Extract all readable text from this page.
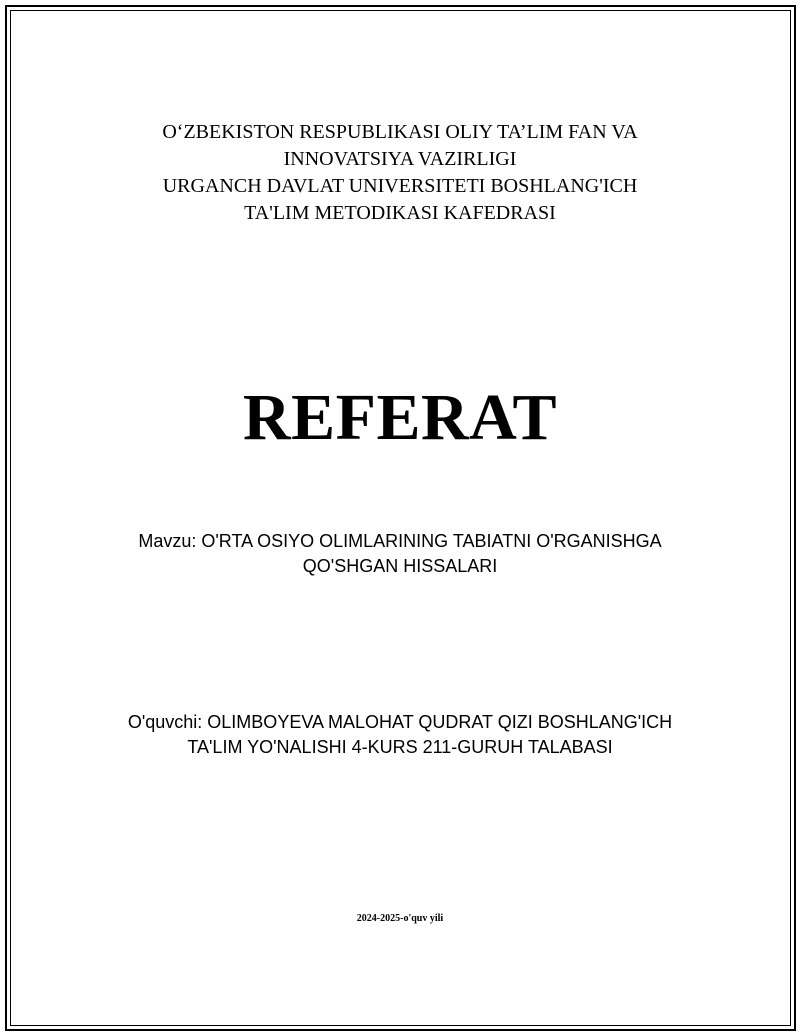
O‘ZBEKISTON RESPUBLIKASI OLIY TA’LIM FAN VA
INNOVATSIYA VAZIRLIGI
URGANCH DAVLAT UNIVERSITETI BOSHLANG'ICH
TA'LIM METODIKASI KAFEDRASI
REFERAT
Mavzu: O'RTA OSIYO OLIMLARINING TABIATNI O'RGANISHGA
QO'SHGAN HISSALARI
O'quvchi: OLIMBOYEVA MALOHAT QUDRAT QIZI BOSHLANG'ICH
TA'LIM YO'NALISHI 4-KURS 211-GURUH TALABASI
2024-2025-o'quv yili
